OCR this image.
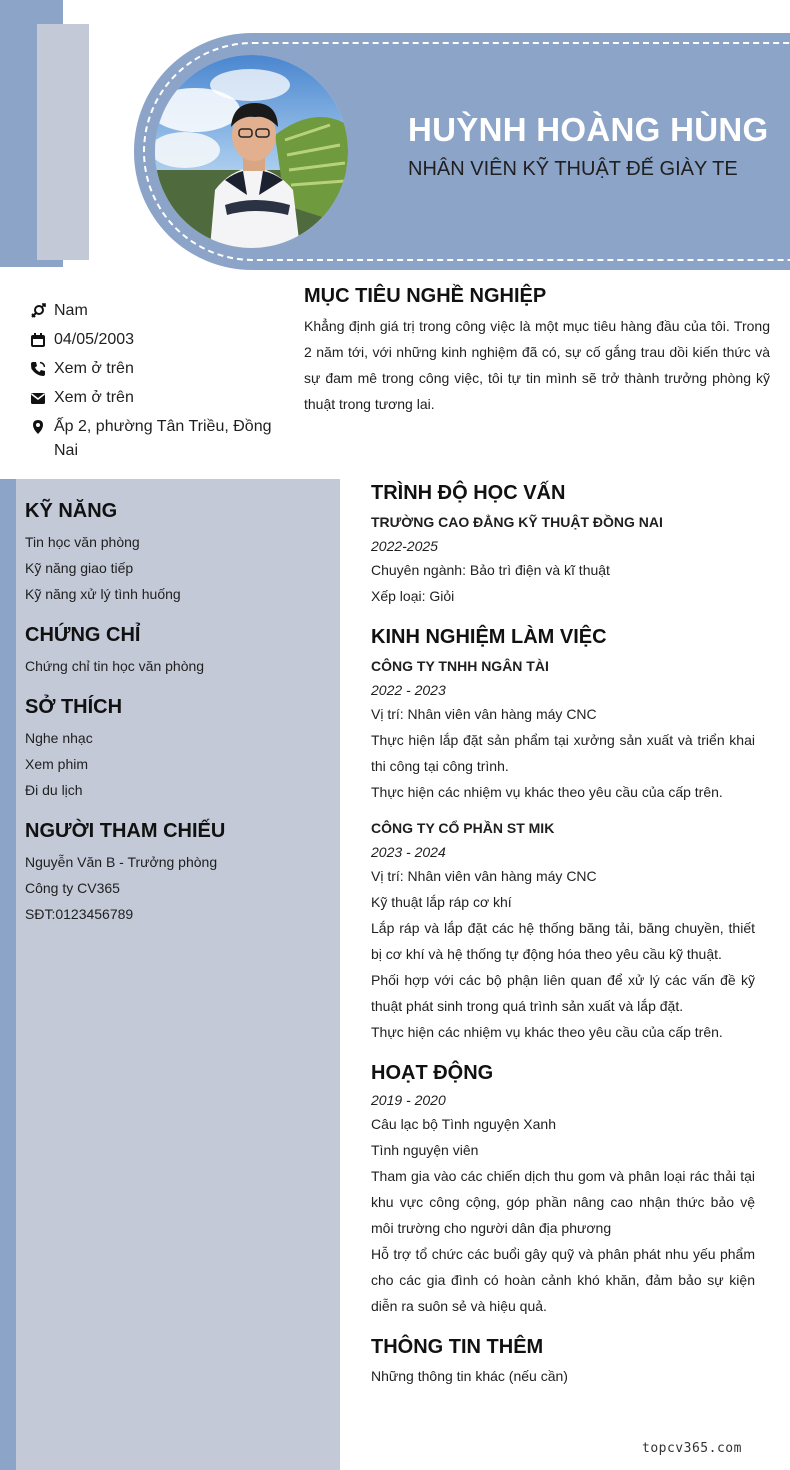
HUỲNH HOÀNG HÙNG
NHÂN VIÊN KỸ THUẬT ĐẾ GIÀY TE
Nam
04/05/2003
Xem ở trên
Xem ở trên
Ấp 2, phường Tân Triều, Đồng Nai
MỤC TIÊU NGHỀ NGHIỆP
Khẳng định giá trị trong công việc là một mục tiêu hàng đầu của tôi. Trong 2 năm tới, với những kinh nghiệm đã có, sự cố gắng trau dồi kiến thức và sự đam mê trong công việc, tôi tự tin mình sẽ trở thành trưởng phòng kỹ thuật trong tương lai.
KỸ NĂNG
Tin học văn phòng
Kỹ năng giao tiếp
Kỹ năng xử lý tình huống
CHỨNG CHỈ
Chứng chỉ tin học văn phòng
SỞ THÍCH
Nghe nhạc
Xem phim
Đi du lịch
NGƯỜI THAM CHIẾU
Nguyễn Văn B - Trưởng phòng
Công ty CV365
SĐT:0123456789
TRÌNH ĐỘ HỌC VẤN
TRƯỜNG CAO ĐẲNG KỸ THUẬT ĐỒNG NAI
2022-2025
Chuyên ngành: Bảo trì điện và kĩ thuật
Xếp loại: Giỏi
KINH NGHIỆM LÀM VIỆC
CÔNG TY TNHH NGÂN TÀI
2022 - 2023
Vị trí: Nhân viên vân hàng máy CNC
Thực hiện lắp đặt sản phẩm tại xưởng sản xuất và triển khai thi công tại công trình.
Thực hiện các nhiệm vụ khác theo yêu cầu của cấp trên.
CÔNG TY CỔ PHẦN ST MIK
2023 - 2024
Vị trí: Nhân viên vân hàng máy CNC
Kỹ thuật lắp ráp cơ khí
Lắp ráp và lắp đặt các hệ thống băng tải, băng chuyền, thiết bị cơ khí và hệ thống tự động hóa theo yêu cầu kỹ thuật.
Phối hợp với các bộ phận liên quan để xử lý các vấn đề kỹ thuật phát sinh trong quá trình sản xuất và lắp đặt.
Thực hiện các nhiệm vụ khác theo yêu cầu của cấp trên.
HOẠT ĐỘNG
2019 - 2020
Câu lạc bộ Tình nguyện Xanh
Tình nguyện viên
Tham gia vào các chiến dịch thu gom và phân loại rác thải tại khu vực công cộng, góp phần nâng cao nhận thức bảo vệ môi trường cho người dân địa phương
Hỗ trợ tổ chức các buổi gây quỹ và phân phát nhu yếu phẩm cho các gia đình có hoàn cảnh khó khăn, đảm bảo sự kiện diễn ra suôn sẻ và hiệu quả.
THÔNG TIN THÊM
Những thông tin khác (nếu cần)
topcv365.com
